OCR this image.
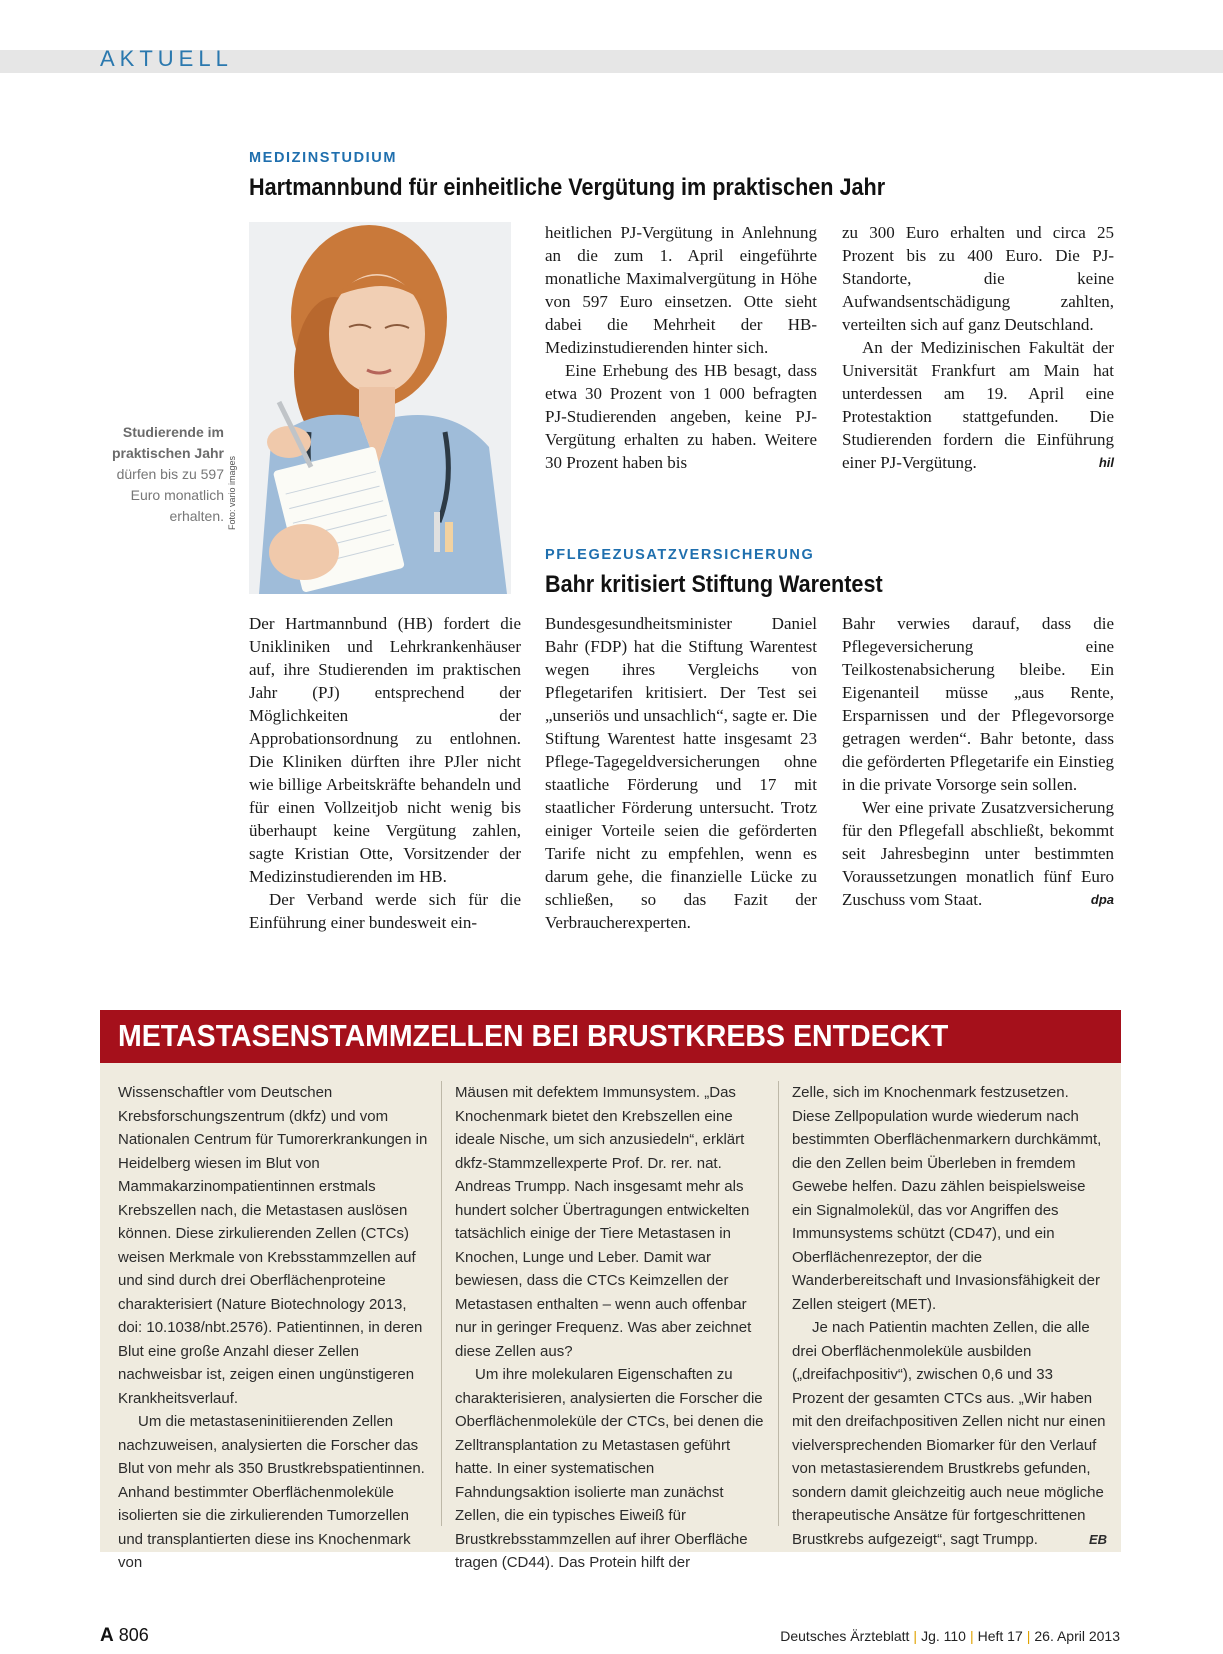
AKTUELL
MEDIZINSTUDIUM
Hartmannbund für einheitliche Vergütung im praktischen Jahr
Foto: vario images
Studierende im praktischen Jahr dürfen bis zu 597 Euro monatlich erhalten.

Der Hartmannbund (HB) fordert die Unikliniken und Lehrkrankenhäuser auf, ihre Studierenden im praktischen Jahr (PJ) entsprechend der Möglichkeiten der Approbationsordnung zu entlohnen. Die Kliniken dürften ihre PJler nicht wie billige Arbeitskräfte behandeln und für einen Vollzeitjob nicht wenig bis überhaupt keine Vergütung zahlen, sagte Kristian Otte, Vorsitzender der Medizinstudierenden im HB.

Der Verband werde sich für die Einführung einer bundesweit ein-

heitlichen PJ-Vergütung in Anlehnung an die zum 1. April eingeführte monatliche Maximalvergütung in Höhe von 597 Euro einsetzen. Otte sieht dabei die Mehrheit der HB-Medizinstudierenden hinter sich.

Eine Erhebung des HB besagt, dass etwa 30 Prozent von 1 000 befragten PJ-Studierenden angeben, keine PJ-Vergütung erhalten zu haben. Weitere 30 Prozent haben bis

zu 300 Euro erhalten und circa 25 Prozent bis zu 400 Euro. Die PJ-Standorte, die keine Aufwandsentschädigung zahlten, verteilten sich auf ganz Deutschland.

An der Medizinischen Fakultät der Universität Frankfurt am Main hat unterdessen am 19. April eine Protestaktion stattgefunden. Die Studierenden fordern die Einführung einer PJ-Vergütung.	hil

PFLEGEZUSATZVERSICHERUNG
Bahr kritisiert Stiftung Warentest

Bundesgesundheitsminister Daniel Bahr (FDP) hat die Stiftung Warentest wegen ihres Vergleichs von Pflegetarifen kritisiert. Der Test sei „unseriös und unsachlich“, sagte er. Die Stiftung Warentest hatte insgesamt 23 Pflege-Tagegeldversicherungen ohne staatliche Förderung und 17 mit staatlicher Förderung untersucht. Trotz einiger Vorteile seien die geförderten Tarife nicht zu empfehlen, wenn es darum gehe, die finanzielle Lücke zu schließen, so das Fazit der Verbraucherexperten.

Bahr verwies darauf, dass die Pflegeversicherung eine Teilkostenabsicherung bleibe. Ein Eigenanteil müsse „aus Rente, Ersparnissen und der Pflegevorsorge getragen werden“. Bahr betonte, dass die geförderten Pflegetarife ein Einstieg in die private Vorsorge sein sollen.

Wer eine private Zusatzversicherung für den Pflegefall abschließt, bekommt seit Jahresbeginn unter bestimmten Voraussetzungen monatlich fünf Euro Zuschuss vom Staat.	dpa

METASTASENSTAMMZELLEN BEI BRUSTKREBS ENTDECKT

Wissenschaftler vom Deutschen Krebsforschungszentrum (dkfz) und vom Nationalen Centrum für Tumorerkrankungen in Heidelberg wiesen im Blut von Mammakarzinompatientinnen erstmals Krebszellen nach, die Metastasen auslösen können. Diese zirkulierenden Zellen (CTCs) weisen Merkmale von Krebsstammzellen auf und sind durch drei Oberflächenproteine charakterisiert (Nature Biotechnology 2013, doi: 10.1038/nbt.2576). Patientinnen, in deren Blut eine große Anzahl dieser Zellen nachweisbar ist, zeigen einen ungünstigeren Krankheitsverlauf.

Um die metastaseninitiierenden Zellen nachzuweisen, analysierten die Forscher das Blut von mehr als 350 Brustkrebspatientinnen. Anhand bestimmter Oberflächenmoleküle isolierten sie die zirkulierenden Tumorzellen und transplantierten diese ins Knochenmark von

Mäusen mit defektem Immunsystem. „Das Knochenmark bietet den Krebszellen eine ideale Nische, um sich anzusiedeln“, erklärt dkfz-Stammzellexperte Prof. Dr. rer. nat. Andreas Trumpp. Nach insgesamt mehr als hundert solcher Übertragungen entwickelten tatsächlich einige der Tiere Metastasen in Knochen, Lunge und Leber. Damit war bewiesen, dass die CTCs Keimzellen der Metastasen enthalten – wenn auch offenbar nur in geringer Frequenz. Was aber zeichnet diese Zellen aus?

Um ihre molekularen Eigenschaften zu charakterisieren, analysierten die Forscher die Oberflächenmoleküle der CTCs, bei denen die Zelltransplantation zu Metastasen geführt hatte. In einer systematischen Fahndungsaktion isolierte man zunächst Zellen, die ein typisches Eiweiß für Brustkrebsstammzellen auf ihrer Oberfläche tragen (CD44). Das Protein hilft der

Zelle, sich im Knochenmark festzusetzen. Diese Zellpopulation wurde wiederum nach bestimmten Oberflächenmarkern durchkämmt, die den Zellen beim Überleben in fremdem Gewebe helfen. Dazu zählen beispielsweise ein Signalmolekül, das vor Angriffen des Immunsystems schützt (CD47), und ein Oberflächenrezeptor, der die Wanderbereitschaft und Invasionsfähigkeit der Zellen steigert (MET).

Je nach Patientin machten Zellen, die alle drei Oberflächenmoleküle ausbilden („dreifachpositiv“), zwischen 0,6 und 33 Prozent der gesamten CTCs aus. „Wir haben mit den dreifachpositiven Zellen nicht nur einen vielversprechenden Biomarker für den Verlauf von metastasierendem Brustkrebs gefunden, sondern damit gleichzeitig auch neue mögliche therapeutische Ansätze für fortgeschrittenen Brustkrebs aufgezeigt“, sagt Trumpp.	EB

A 806	Deutsches Ärzteblatt | Jg. 110 | Heft 17 | 26. April 2013
